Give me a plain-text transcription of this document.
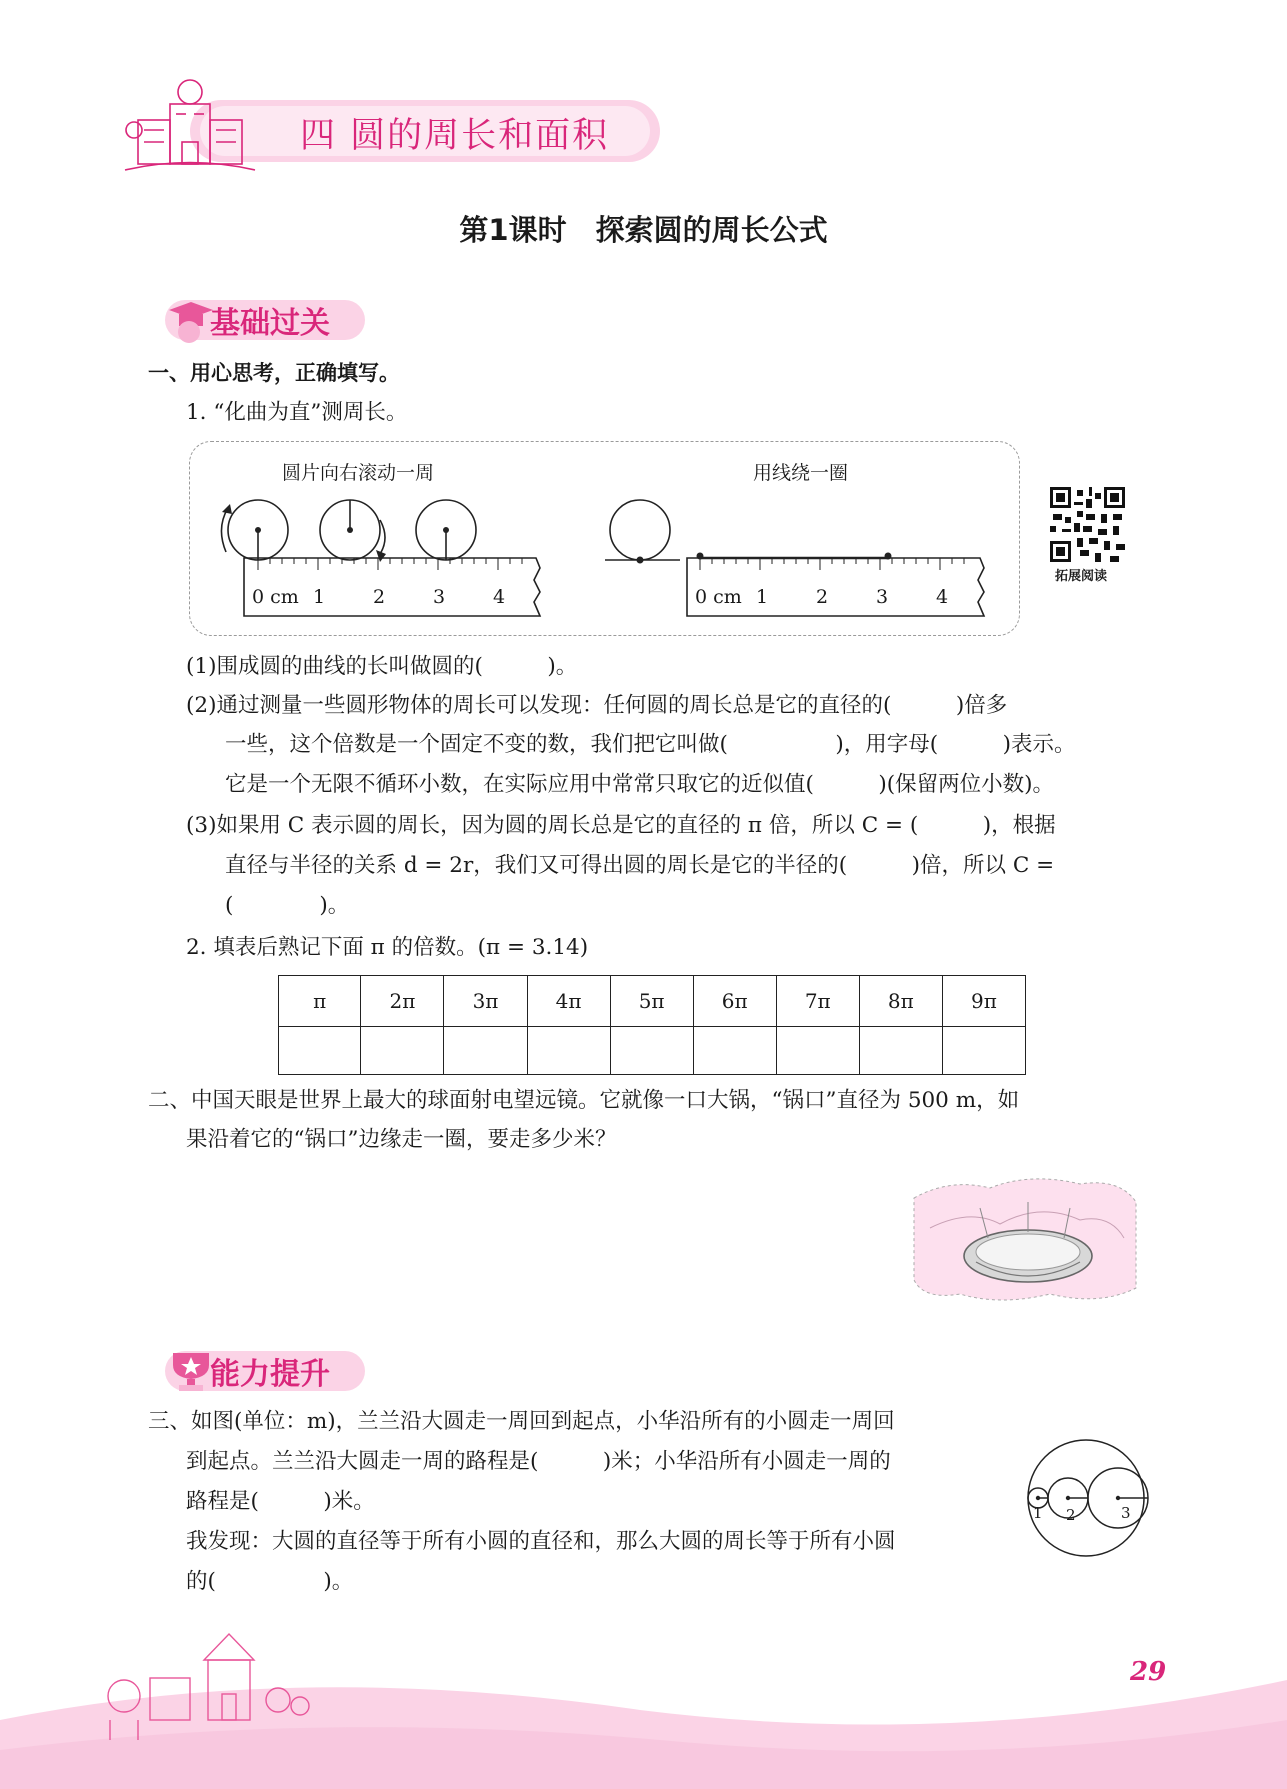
四 圆的周长和面积
第1课时　探索圆的周长公式
基础过关
一、用心思考，正确填写。
1. “化曲为直”测周长。
圆片向右滚动一周	用线绕一圈
0 cm 1	2	3	4	0 cm 1	2	3	4
拓展阅读
(1)围成圆的曲线的长叫做圆的(　　　)。
(2)通过测量一些圆形物体的周长可以发现：任何圆的周长总是它的直径的(　　　)倍多
一些，这个倍数是一个固定不变的数，我们把它叫做(　　　　　)，用字母(　　　)表示。
它是一个无限不循环小数，在实际应用中常常只取它的近似值(　　　)(保留两位小数)。
(3)如果用 C 表示圆的周长，因为圆的周长总是它的直径的 π 倍，所以 C = (　　　)，根据
直径与半径的关系 d = 2r，我们又可得出圆的周长是它的半径的(　　　)倍，所以 C =
(　　　　)。
2. 填表后熟记下面 π 的倍数。(π = 3.14)
π	2π	3π	4π	5π	6π	7π	8π	9π

二、中国天眼是世界上最大的球面射电望远镜。它就像一口大锅，“锅口”直径为 500 m，如
果沿着它的“锅口”边缘走一圈，要走多少米？
能力提升
三、如图(单位：m)，兰兰沿大圆走一周回到起点，小华沿所有的小圆走一周回
到起点。兰兰沿大圆走一周的路程是(　　　)米；小华沿所有小圆走一周的
路程是(　　　)米。
我发现：大圆的直径等于所有小圆的直径和，那么大圆的周长等于所有小圆
的(　　　　　)。
1 2	3
29
